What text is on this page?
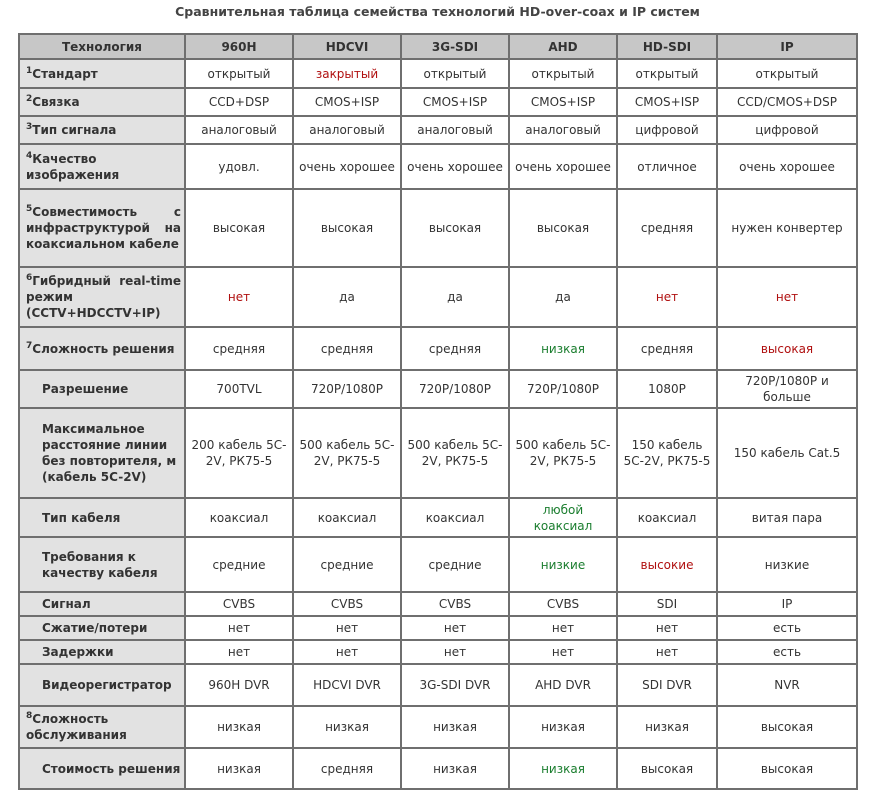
Сравнительная таблица семейства технологий HD-over-coax и IP систем
Технология	960H	HDCVI	3G-SDI	AHD	HD-SDI	IP
$^1$Стандарт	открытый	закрытый	открытый	открытый	открытый	открытый
$^2$Связка	CCD+DSP	CMOS+ISP	CMOS+ISP	CMOS+ISP	CMOS+ISP	CCD/CMOS+DSP
$^3$Тип сигнала	аналоговый	аналоговый	аналоговый	аналоговый	цифровой	цифровой
$^4$Качество изображения	удовл.	очень хорошее	очень хорошее	очень хорошее	отличное	очень хорошее
$^5$Совместимость с инфраструктурой на коаксиальном кабеле	высокая	высокая	высокая	высокая	средняя	нужен конвертер
$^6$Гибридный real-time режим (CCTV+HDCCTV+IP)	нет	да	да	да	нет	нет
$^7$Сложность решения	средняя	средняя	средняя	низкая	средняя	высокая
Разрешение	700TVL	720P/1080P	720P/1080P	720P/1080P	1080P	720P/1080P и больше
Максимальное расстояние линии без повторителя, м (кабель 5C-2V)	200 кабель 5C-2V, РК75-5	500 кабель 5C-2V, РК75-5	500 кабель 5C-2V, РК75-5	500 кабель 5C-2V, РК75-5	150 кабель 5C-2V, РК75-5	150 кабель Cat.5
Тип кабеля	коаксиал	коаксиал	коаксиал	любой коаксиал	коаксиал	витая пара
Требования к качеству кабеля	средние	средние	средние	низкие	высокие	низкие
Сигнал	CVBS	CVBS	CVBS	CVBS	SDI	IP
Сжатие/потери	нет	нет	нет	нет	нет	есть
Задержки	нет	нет	нет	нет	нет	есть
Видеорегистратор	960H DVR	HDCVI DVR	3G-SDI DVR	AHD DVR	SDI DVR	NVR
$^8$Сложность обслуживания	низкая	низкая	низкая	низкая	низкая	высокая
Стоимость решения	низкая	средняя	низкая	низкая	высокая	высокая
